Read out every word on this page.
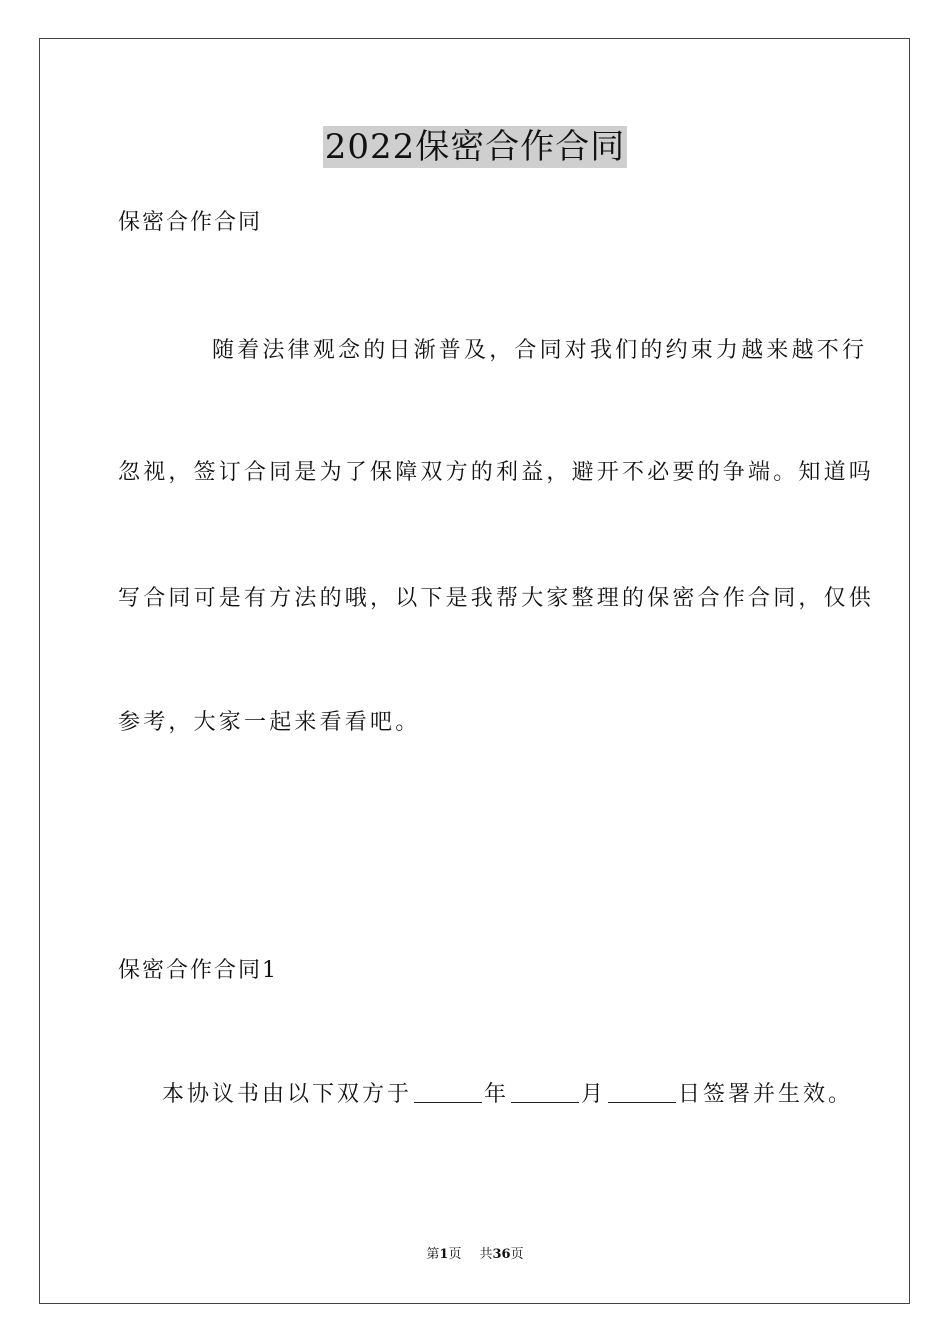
2022保密合作合同
保密合作合同
随着法律观念的日渐普及，合同对我们的约束力越来越不行
忽视，签订合同是为了保障双方的利益，避开不必要的争端。知道吗
写合同可是有方法的哦，以下是我帮大家整理的保密合作合同，仅供
参考，大家一起来看看吧。
保密合作合同1
本协议书由以下双方于	年	月	日签署并生效。
第1页 共36页
